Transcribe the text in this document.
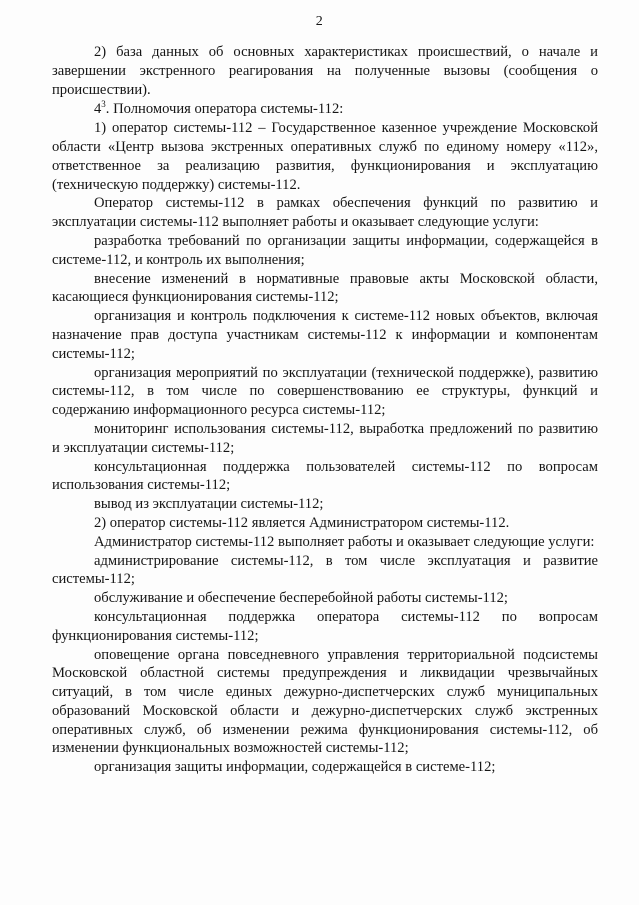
2

2) база данных об основных характеристиках происшествий, о начале и завершении экстренного реагирования на полученные вызовы (сообщения о происшествии).

$4^3$. Полномочия оператора системы-112:

1) оператор системы-112 – Государственное казенное учреждение Московской области «Центр вызова экстренных оперативных служб по единому номеру «112», ответственное за реализацию развития, функционирования и эксплуатацию (техническую поддержку) системы-112.

Оператор системы-112 в рамках обеспечения функций по развитию и эксплуатации системы-112 выполняет работы и оказывает следующие услуги:

разработка требований по организации защиты информации, содержащейся в системе-112, и контроль их выполнения;

внесение изменений в нормативные правовые акты Московской области, касающиеся функционирования системы-112;

организация и контроль подключения к системе-112 новых объектов, включая назначение прав доступа участникам системы-112 к информации и компонентам системы-112;

организация мероприятий по эксплуатации (технической поддержке), развитию системы-112, в том числе по совершенствованию ее структуры, функций и содержанию информационного ресурса системы-112;

мониторинг использования системы-112, выработка предложений по развитию и эксплуатации системы-112;

консультационная поддержка пользователей системы-112 по вопросам использования системы-112;

вывод из эксплуатации системы-112;

2) оператор системы-112 является Администратором системы-112.

Администратор системы-112 выполняет работы и оказывает следующие услуги:

администрирование системы-112, в том числе эксплуатация и развитие системы-112;

обслуживание и обеспечение бесперебойной работы системы-112;

консультационная поддержка оператора системы-112 по вопросам функционирования системы-112;

оповещение органа повседневного управления территориальной подсистемы Московской областной системы предупреждения и ликвидации чрезвычайных ситуаций, в том числе единых дежурно-диспетчерских служб муниципальных образований Московской области и дежурно-диспетчерских служб экстренных оперативных служб, об изменении режима функционирования системы-112, об изменении функциональных возможностей системы-112;

организация защиты информации, содержащейся в системе-112;
